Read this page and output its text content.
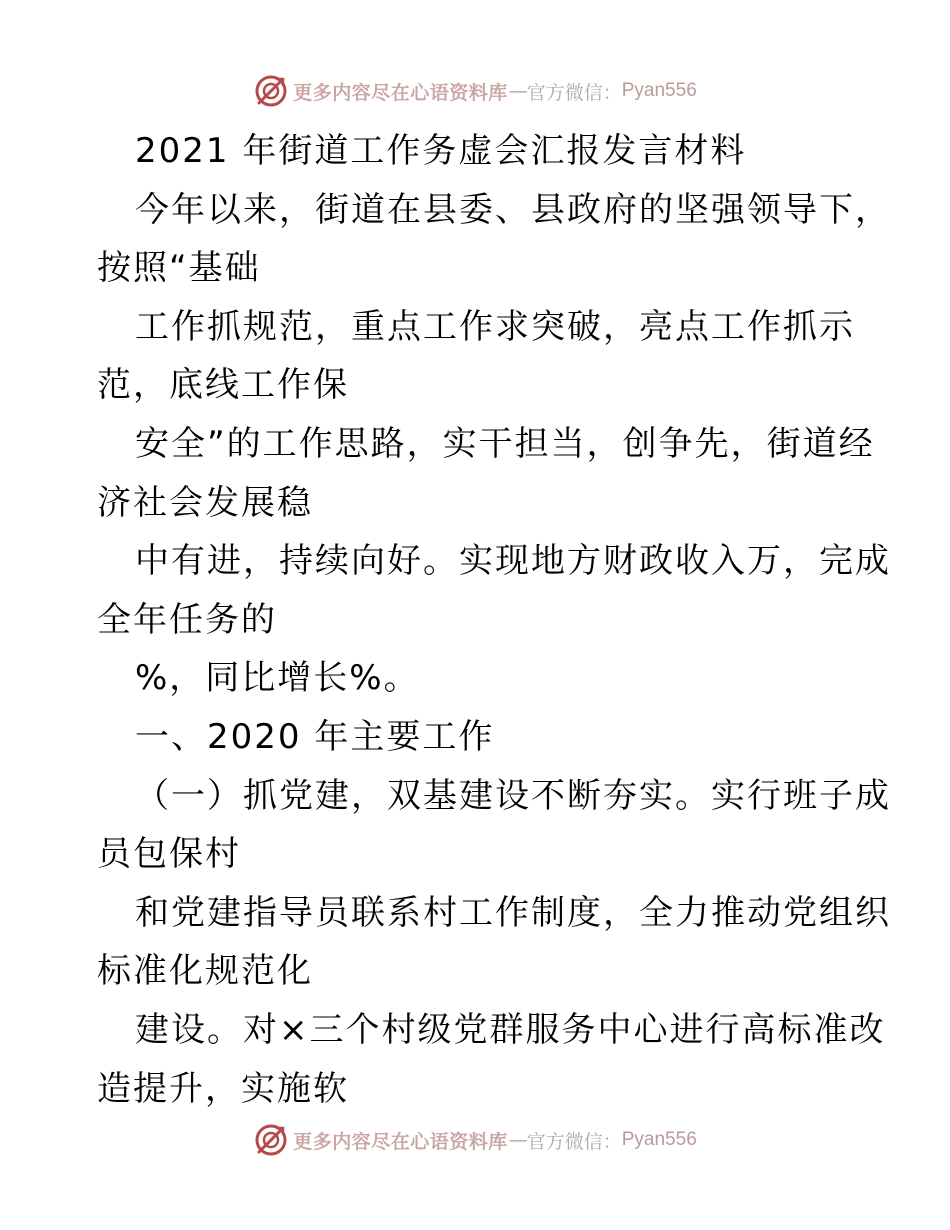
更多内容尽在心语资料库 — 官方微信： Pyan556
2021 年街道工作务虚会汇报发言材料
今年以来，街道在县委、县政府的坚强领导下，
按照“基础
工作抓规范，重点工作求突破，亮点工作抓示
范，底线工作保
安全”的工作思路，实干担当，创争先，街道经
济社会发展稳
中有进，持续向好。实现地方财政收入万，完成
全年任务的
%，同比增长%。
一、2020 年主要工作
（一）抓党建，双基建设不断夯实。实行班子成
员包保村
和党建指导员联系村工作制度，全力推动党组织
标准化规范化
建设。对×三个村级党群服务中心进行高标准改
造提升，实施软
更多内容尽在心语资料库 — 官方微信： Pyan556
